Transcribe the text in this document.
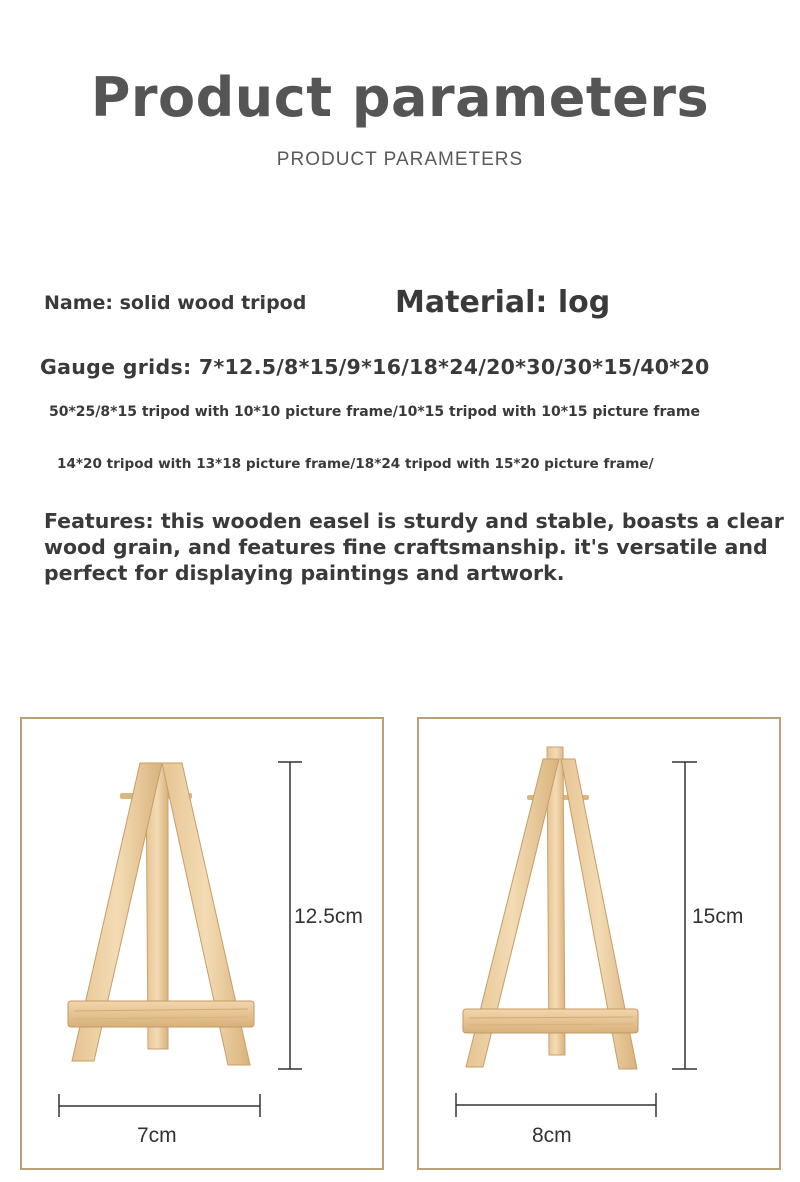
Product parameters
PRODUCT PARAMETERS
Name: solid wood tripod	Material: log
Gauge grids: 7*12.5/8*15/9*16/18*24/20*30/30*15/40*20
50*25/8*15 tripod with 10*10 picture frame/10*15 tripod with 10*15 picture frame
14*20 tripod with 13*18 picture frame/18*24 tripod with 15*20 picture frame/
Features: this wooden easel is sturdy and stable, boasts a clear wood grain, and features fine craftsmanship. it's versatile and perfect for displaying paintings and artwork.
12.5cm
7cm
15cm
8cm
